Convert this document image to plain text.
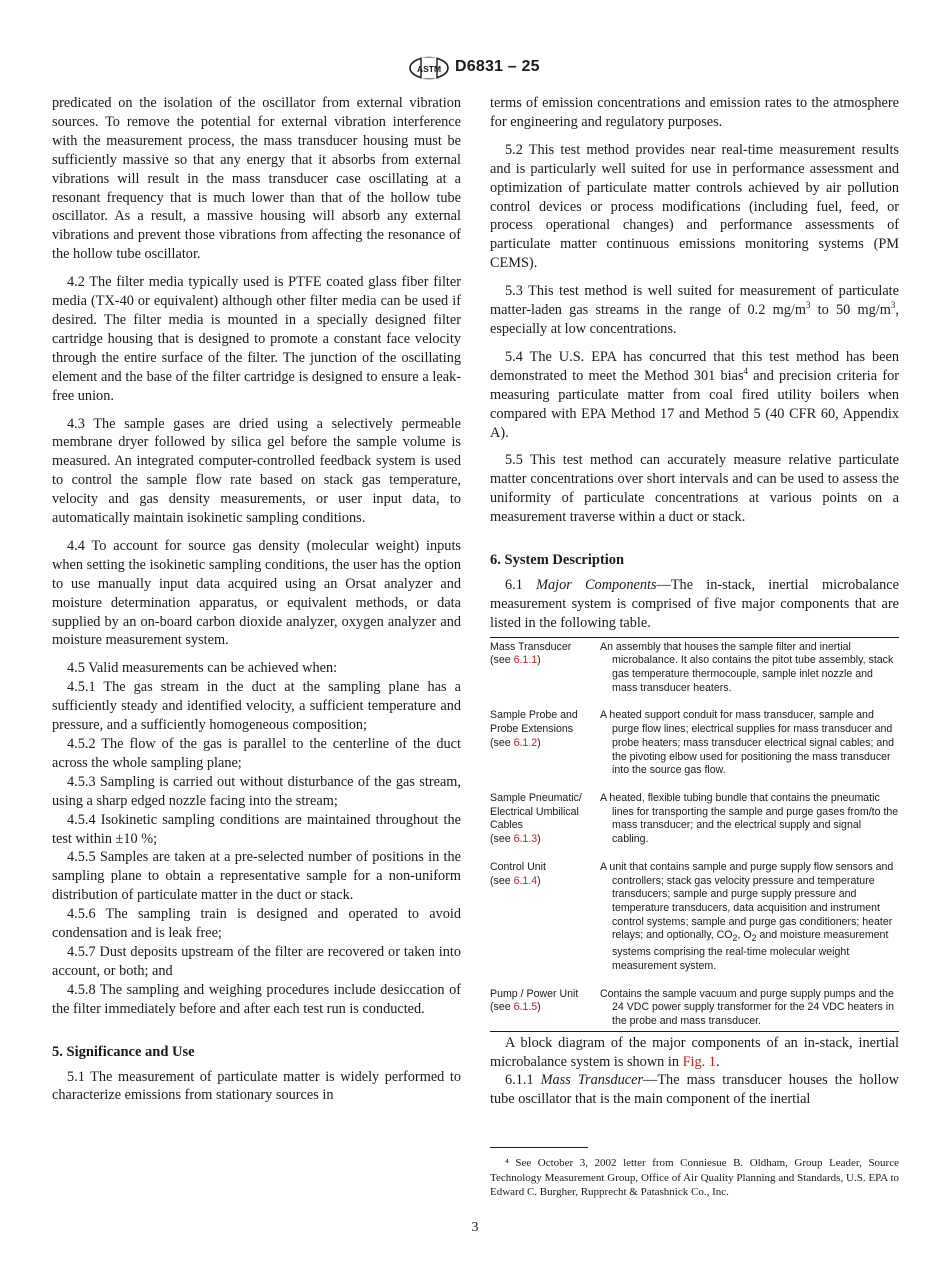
ASTM D6831 – 25

predicated on the isolation of the oscillator from external vibration sources. To remove the potential for external vibration interference with the measurement process, the mass transducer housing must be sufficiently massive so that any energy that it absorbs from external vibrations will result in the mass transducer case oscillating at a resonant frequency that is much lower than that of the hollow tube oscillator. As a result, a massive housing will absorb any external vibrations and prevent those vibrations from affecting the resonance of the hollow tube oscillator.

4.2 The filter media typically used is PTFE coated glass fiber filter media (TX-40 or equivalent) although other filter media can be used if desired. The filter media is mounted in a specially designed filter cartridge housing that is designed to promote a constant face velocity through the entire surface of the filter. The junction of the oscillating element and the base of the filter cartridge is designed to ensure a leak-free union.

4.3 The sample gases are dried using a selectively permeable membrane dryer followed by silica gel before the sample volume is measured. An integrated computer-controlled feedback system is used to control the sample flow rate based on stack gas temperature, velocity and gas density measurements, or user input data, to automatically maintain isokinetic sampling conditions.

4.4 To account for source gas density (molecular weight) inputs when setting the isokinetic sampling conditions, the user has the option to use manually input data acquired using an Orsat analyzer and moisture determination apparatus, or equivalent methods, or data supplied by an on-board carbon dioxide analyzer, oxygen analyzer and moisture measurement system.

4.5 Valid measurements can be achieved when:

4.5.1 The gas stream in the duct at the sampling plane has a sufficiently steady and identified velocity, a sufficient temperature and pressure, and a sufficiently homogeneous composition;

4.5.2 The flow of the gas is parallel to the centerline of the duct across the whole sampling plane;

4.5.3 Sampling is carried out without disturbance of the gas stream, using a sharp edged nozzle facing into the stream;

4.5.4 Isokinetic sampling conditions are maintained throughout the test within ±10 %;

4.5.5 Samples are taken at a pre-selected number of positions in the sampling plane to obtain a representative sample for a non-uniform distribution of particulate matter in the duct or stack.

4.5.6 The sampling train is designed and operated to avoid condensation and is leak free;

4.5.7 Dust deposits upstream of the filter are recovered or taken into account, or both; and

4.5.8 The sampling and weighing procedures include desiccation of the filter immediately before and after each test run is conducted.

5. Significance and Use

5.1 The measurement of particulate matter is widely performed to characterize emissions from stationary sources in

terms of emission concentrations and emission rates to the atmosphere for engineering and regulatory purposes.

5.2 This test method provides near real-time measurement results and is particularly well suited for use in performance assessment and optimization of particulate matter controls achieved by air pollution control devices or process modifications (including fuel, feed, or process operational changes) and performance assessments of particulate matter continuous emissions monitoring systems (PM CEMS).

5.3 This test method is well suited for measurement of particulate matter-laden gas streams in the range of 0.2 $mg/m^3$ to 50 $mg/m^3$, especially at low concentrations.

5.4 The U.S. EPA has concurred that this test method has been demonstrated to meet the Method 301 bias$^4$ and precision criteria for measuring particulate matter from coal fired utility boilers when compared with EPA Method 17 and Method 5 (40 CFR 60, Appendix A).

5.5 This test method can accurately measure relative particulate matter concentrations over short intervals and can be used to assess the uniformity of particulate concentrations at various points on a measurement traverse within a duct or stack.

6. System Description

6.1 Major Components—The in-stack, inertial microbalance measurement system is comprised of five major components that are listed in the following table.

Mass Transducer
(see 6.1.1)	An assembly that houses the sample filter and inertial microbalance. It also contains the pitot tube assembly, stack gas temperature thermocouple, sample inlet nozzle and mass transducer heaters.
Sample Probe and Probe Extensions
(see 6.1.2)	A heated support conduit for mass transducer, sample and purge flow lines; electrical supplies for mass transducer and probe heaters; mass transducer electrical signal cables; and the pivoting elbow used for positioning the mass transducer into the source gas flow.
Sample Pneumatic/ Electrical Umbilical Cables
(see 6.1.3)	A heated, flexible tubing bundle that contains the pneumatic lines for transporting the sample and purge gases from/to the mass transducer; and the electrical supply and signal cabling.
Control Unit
(see 6.1.4)	A unit that contains sample and purge supply flow sensors and controllers; stack gas velocity pressure and temperature transducers; sample and purge supply pressure and temperature transducers, data acquisition and instrument control systems; sample and purge gas conditioners; heater relays; and optionally, $CO_2$, $O_2$ and moisture measurement systems comprising the real-time molecular weight measurement system.
Pump / Power Unit
(see 6.1.5)	Contains the sample vacuum and purge supply pumps and the 24 VDC power supply transformer for the 24 VDC heaters in the probe and mass transducer.

A block diagram of the major components of an in-stack, inertial microbalance system is shown in Fig. 1.

6.1.1 Mass Transducer—The mass transducer houses the hollow tube oscillator that is the main component of the inertial

⁴ See October 3, 2002 letter from Conniesue B. Oldham, Group Leader, Source Technology Measurement Group, Office of Air Quality Planning and Standards, U.S. EPA to Edward C. Burgher, Rupprecht & Patashnick Co., Inc.

3
